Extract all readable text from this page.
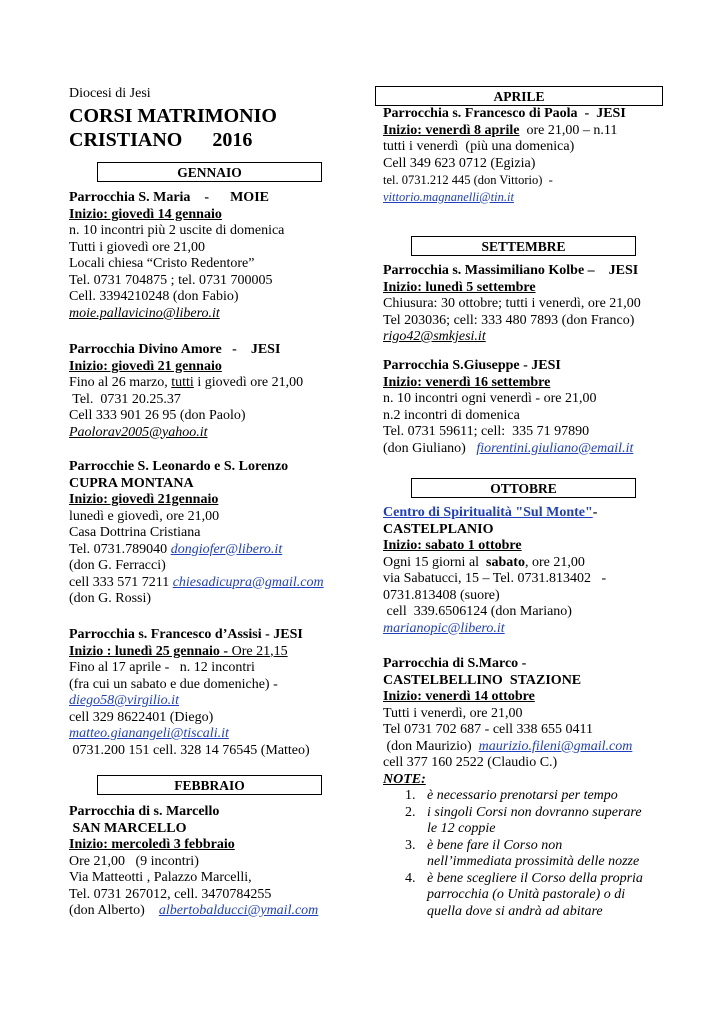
Diocesi di Jesi
CORSI MATRIMONIO
CRISTIANO      2016
GENNAIO
Parrocchia S. Maria    -      MOIE
Inizio: giovedì 14 gennaio
n. 10 incontri più 2 uscite di domenica
Tutti i giovedì ore 21,00
Locali chiesa “Cristo Redentore”
Tel. 0731 704875 ; tel. 0731 700005
Cell. 3394210248 (don Fabio)
moie.pallavicino@libero.it
Parrocchia Divino Amore   -    JESI
Inizio: giovedì 21 gennaio
Fino al 26 marzo, tutti i giovedì ore 21,00
Tel.  0731 20.25.37
Cell 333 901 26 95 (don Paolo)
Paolorav2005@yahoo.it
Parrocchie S. Leonardo e S. Lorenzo
CUPRA MONTANA
Inizio: giovedì 21gennaio
lunedì e giovedì, ore 21,00
Casa Dottrina Cristiana
Tel. 0731.789040 dongiofer@libero.it
(don G. Ferracci)
cell 333 571 7211 chiesadicupra@gmail.com
(don G. Rossi)
Parrocchia s. Francesco d’Assisi - JESI
Inizio : lunedì 25 gennaio - Ore 21,15
Fino al 17 aprile -   n. 12 incontri
(fra cui un sabato e due domeniche) -
diego58@virgilio.it
cell 329 8622401 (Diego)
matteo.gianangeli@tiscali.it
0731.200 151 cell. 328 14 76545 (Matteo)
FEBBRAIO
Parrocchia di s. Marcello
SAN MARCELLO
Inizio: mercoledì 3 febbraio
Ore 21,00   (9 incontri)
Via Matteotti , Palazzo Marcelli,
Tel. 0731 267012, cell. 3470784255
(don Alberto)    albertobalducci@ymail.com
APRILE
Parrocchia s. Francesco di Paola  -  JESI
Inizio: venerdì 8 aprile  ore 21,00 – n.11
tutti i venerdì  (più una domenica)
Cell 349 623 0712 (Egizia)
tel. 0731.212 445 (don Vittorio)  -
vittorio.magnanelli@tin.it
SETTEMBRE
Parrocchia s. Massimiliano Kolbe –    JESI
Inizio: lunedì 5 settembre
Chiusura: 30 ottobre; tutti i venerdì, ore 21,00
Tel 203036; cell: 333 480 7893 (don Franco)
rigo42@smkjesi.it
Parrocchia S.Giuseppe - JESI
Inizio: venerdì 16 settembre
n. 10 incontri ogni venerdì - ore 21,00
n.2 incontri di domenica
Tel. 0731 59611; cell:  335 71 97890
(don Giuliano)   fiorentini.giuliano@email.it
OTTOBRE
Centro di Spiritualità "Sul Monte"-
CASTELPLANIO
Inizio: sabato 1 ottobre
Ogni 15 giorni al  sabato, ore 21,00
via Sabatucci, 15 – Tel. 0731.813402   -
0731.813408 (suore)
cell  339.6506124 (don Mariano)
marianopic@libero.it
Parrocchia di S.Marco -
CASTELBELLINO  STAZIONE
Inizio: venerdì 14 ottobre
Tutti i venerdì, ore 21,00
Tel 0731 702 687 - cell 338 655 0411
(don Maurizio)  maurizio.fileni@gmail.com
cell 377 160 2522 (Claudio C.)
NOTE:
1. è necessario prenotarsi per tempo
2. i singoli Corsi non dovranno superare le 12 coppie
3. è bene fare il Corso non nell’immediata prossimità delle nozze
4. è bene scegliere il Corso della propria parrocchia (o Unità pastorale) o di quella dove si andrà ad abitare
